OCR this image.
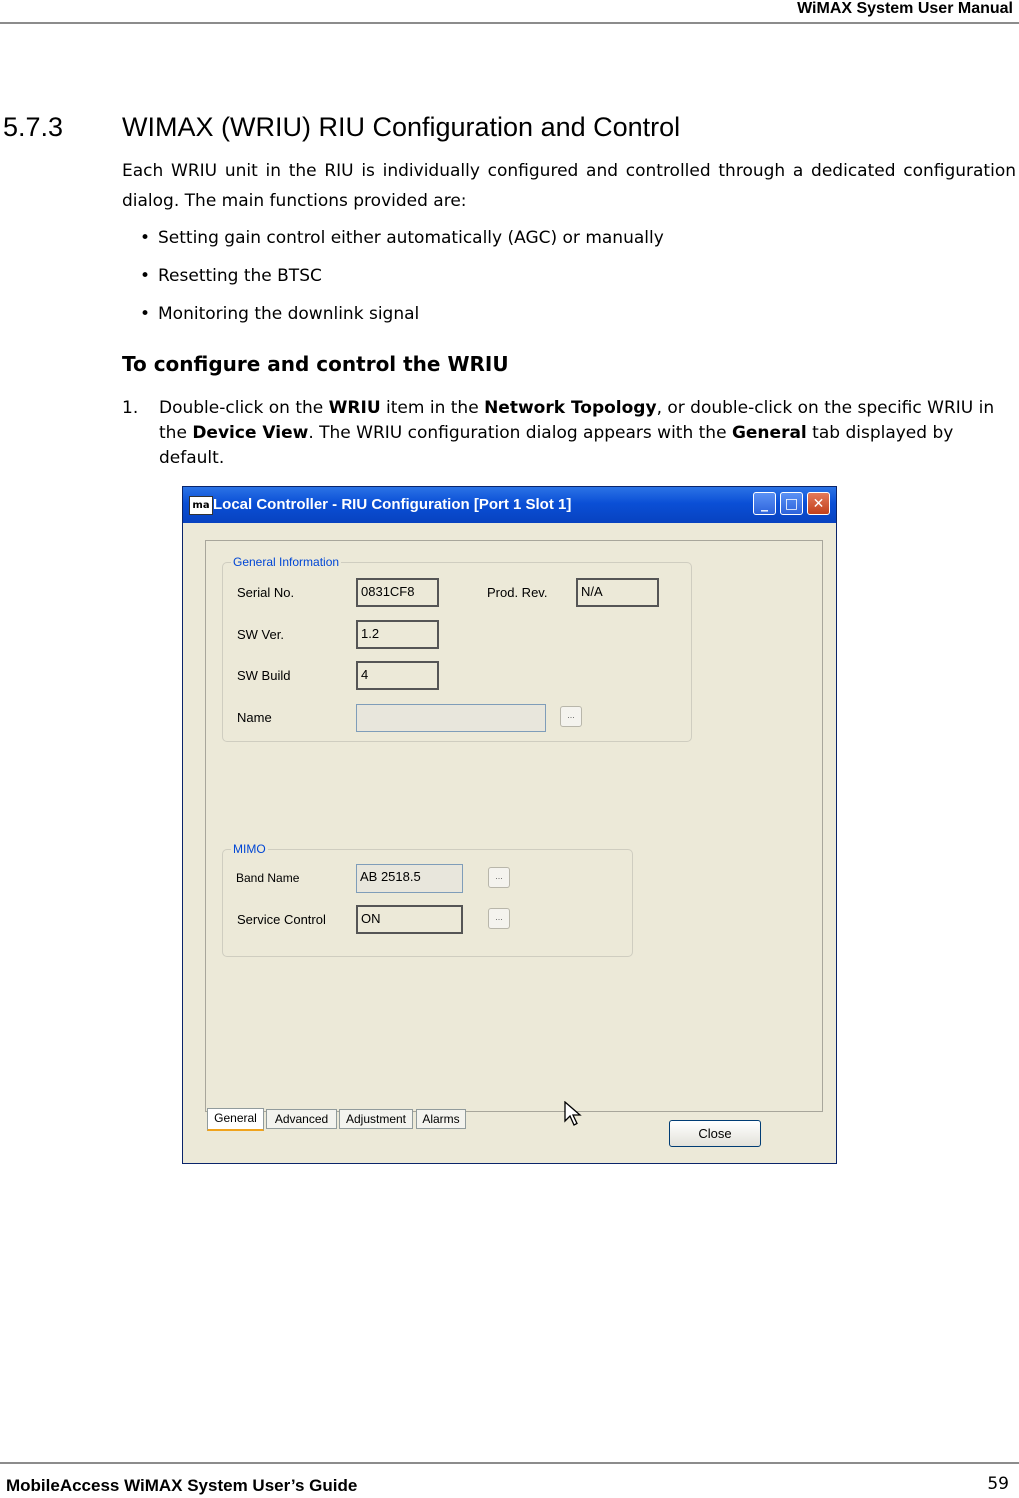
WiMAX System User Manual
5.7.3 WIMAX (WRIU) RIU Configuration and Control
Each WRIU unit in the RIU is individually configured and controlled through a dedicated configuration dialog. The main functions provided are:
• Setting gain control either automatically (AGC) or manually
• Resetting the BTSC
• Monitoring the downlink signal
To configure and control the WRIU
1. Double-click on the WRIU item in the Network Topology, or double-click on the specific WRIU in the Device View. The WRIU configuration dialog appears with the General tab displayed by default.
ma Local Controller - RIU Configuration [Port 1 Slot 1]	_	□	✕
General Information
Serial No.	0831CF8	Prod. Rev.	N/A
SW Ver.	1.2
SW Build	4
Name	...
MIMO
Band Name	AB 2518.5	...
Service Control	ON	...
General	Advanced	Adjustment	Alarms
Close
MobileAccess WiMAX System User’s Guide	59
